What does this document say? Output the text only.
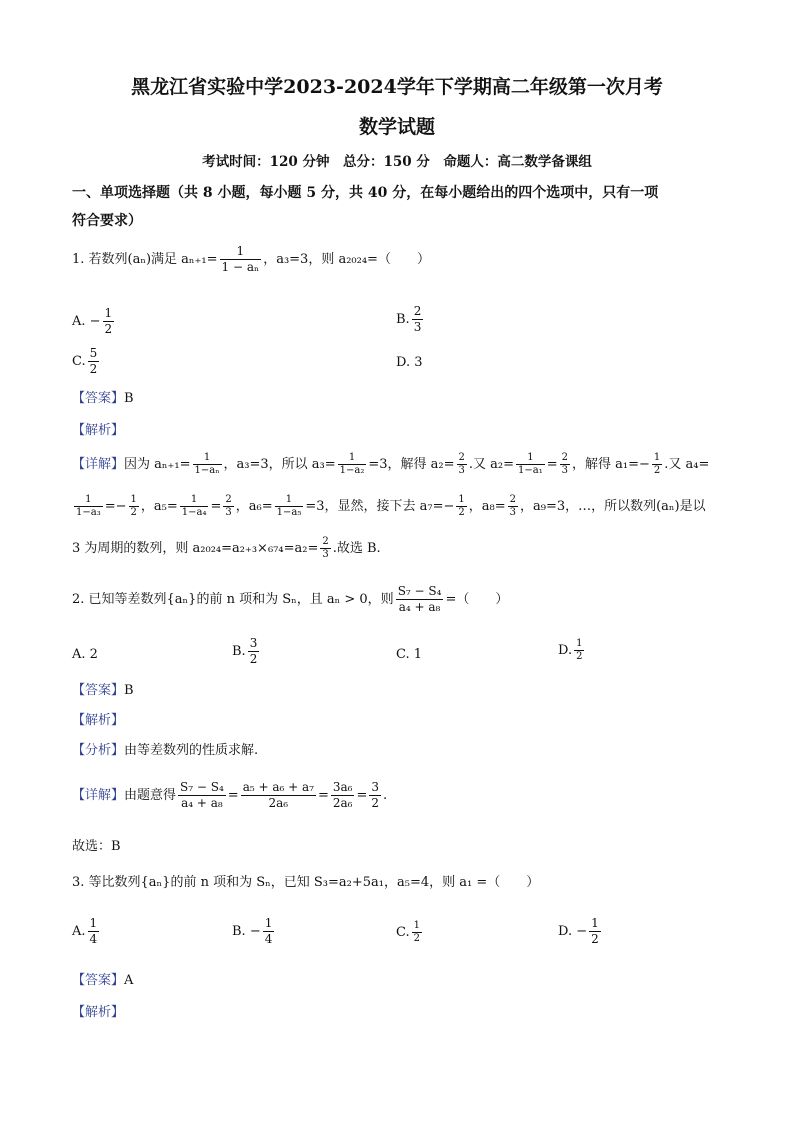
黑龙江省实验中学2023-2024学年下学期高二年级第一次月考
数学试题
考试时间：120 分钟　总分：150 分　命题人：高二数学备课组
一、单项选择题（共 8 小题，每小题 5 分，共 40 分，在每小题给出的四个选项中，只有一项
符合要求）
1. 若数列(aₙ)满足 $a_{n+1}= \frac{1}{\text{1 − aₙ}}$ ，a₃=3，则 a₂₀₂₄=（　　）
A. − $\frac{1}{2}$	B. $\frac{2}{3}$
C. $\frac{5}{2}$	D. 3
【答案】B
【解析】
【详解】因为 $a_{n+1}= \frac{1}{\text{1−aₙ}}$ ，a₃=3，所以 $a_3= \frac{1}{\text{1−a₂}} =3$，解得 $a_2= \frac{2}{3}$ .又 $a_2= \frac{1}{\text{1−a₁}} = \frac{2}{3}$ ，解得 $a_1=- \frac{1}{2}$ .又 a₄=
$\frac{1}{\text{1−a₃}} =- \frac{1}{2}$ ，$a_5= \frac{1}{\text{1−a₄}} = \frac{2}{3}$ ，$a_6= \frac{1}{\text{1−a₅}} =3$，显然，接下去 $a_7=- \frac{1}{2}$ ，$a_8= \frac{2}{3}$ ，a₉=3，…，所以数列(aₙ)是以
3 为周期的数列，则 $a_{2024}=a_{2+3}\times_{674}=a_2= \frac{2}{3}$ .故选 B.
2. 已知等差数列{aₙ}的前 n 项和为 Sₙ，且 aₙ > 0，则 $\frac{\text{S₇ − S₄}}{\text{a₄ + a₈}}$ =（　　）
A. 2	B. $\frac{3}{2}$	C. 1	D. $\frac{1}{2}$
【答案】B
【解析】
【分析】由等差数列的性质求解.
【详解】由题意得 $\frac{\text{S₇ − S₄}}{\text{a₄ + a₈}} = \frac{\text{a₅ + a₆ + a₇}}{\text{2a₆}} = \frac{\text{3a₆}}{\text{2a₆}} = \frac{3}{2}$ .
故选：B
3. 等比数列{aₙ}的前 n 项和为 Sₙ，已知 S₃=a₂+5a₁，a₅=4，则 a₁ =（　　）
A. $\frac{1}{4}$	B. − $\frac{1}{4}$	C. $\frac{1}{2}$	D. − $\frac{1}{2}$
【答案】A
【解析】
